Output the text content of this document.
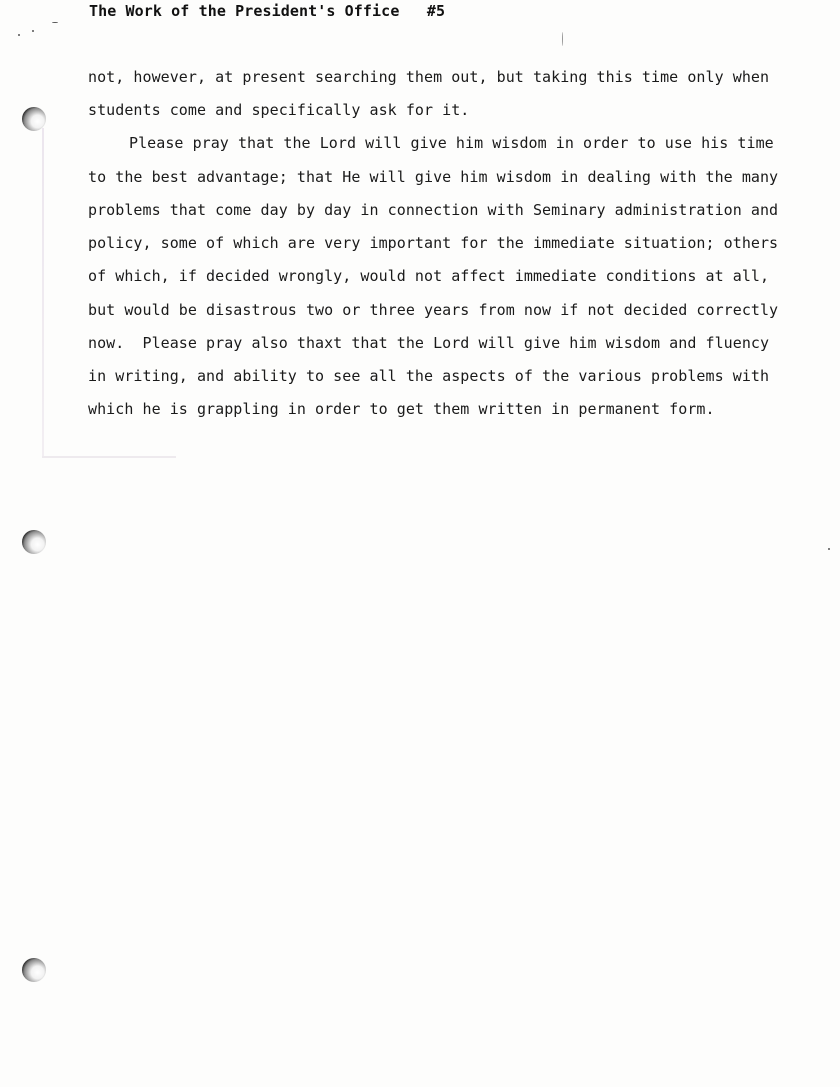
The Work of the President's Office #5
not, however, at present searching them out, but taking this time only when
students come and specifically ask for it.
Please pray that the Lord will give him wisdom in order to use his time
to the best advantage; that He will give him wisdom in dealing with the many
problems that come day by day in connection with Seminary administration and
policy, some of which are very important for the immediate situation; others
of which, if decided wrongly, would not affect immediate conditions at all,
but would be disastrous two or three years from now if not decided correctly
now.  Please pray also thaxt that the Lord will give him wisdom and fluency
in writing, and ability to see all the aspects of the various problems with
which he is grappling in order to get them written in permanent form.
